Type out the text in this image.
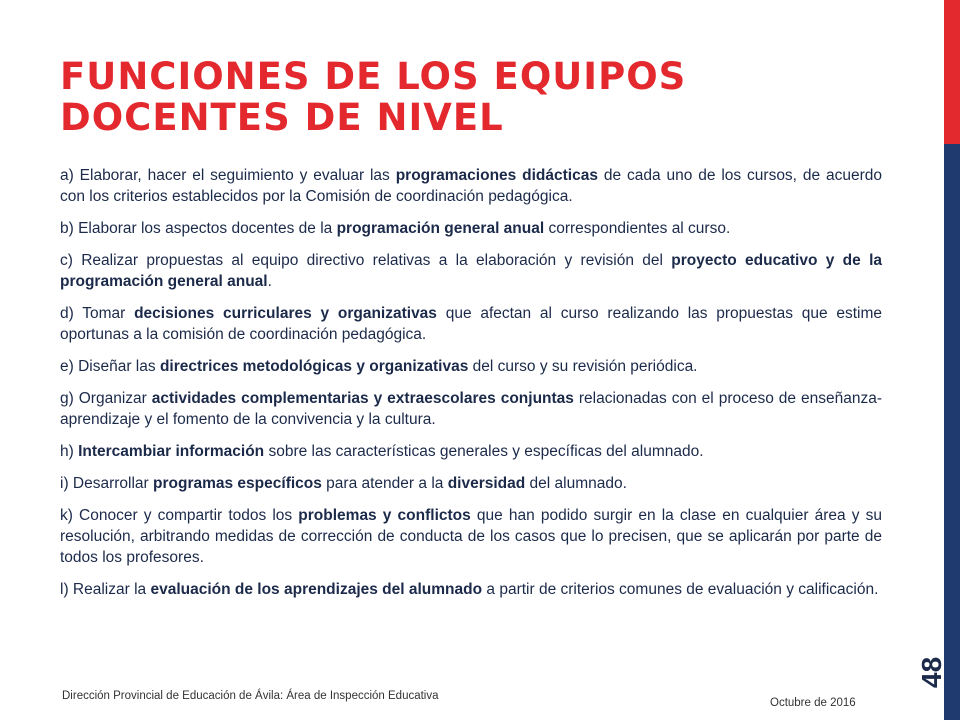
FUNCIONES DE LOS EQUIPOS DOCENTES DE NIVEL

a) Elaborar, hacer el seguimiento y evaluar las programaciones didácticas de cada uno de los cursos, de acuerdo con los criterios establecidos por la Comisión de coordinación pedagógica.

b) Elaborar los aspectos docentes de la programación general anual correspondientes al curso.

c) Realizar propuestas al equipo directivo relativas a la elaboración y revisión del proyecto educativo y de la programación general anual.

d) Tomar decisiones curriculares y organizativas que afectan al curso realizando las propuestas que estime oportunas a la comisión de coordinación pedagógica.

e) Diseñar las directrices metodológicas y organizativas del curso y su revisión periódica.

g) Organizar actividades complementarias y extraescolares conjuntas relacionadas con el proceso de enseñanza-aprendizaje y el fomento de la convivencia y la cultura.

h) Intercambiar información sobre las características generales y específicas del alumnado.

i) Desarrollar programas específicos para atender a la diversidad del alumnado.

k) Conocer y compartir todos los problemas y conflictos que han podido surgir en la clase en cualquier área y su resolución, arbitrando medidas de corrección de conducta de los casos que lo precisen, que se aplicarán por parte de todos los profesores.

l) Realizar la evaluación de los aprendizajes del alumnado a partir de criterios comunes de evaluación y calificación.

Dirección Provincial de Educación de Ávila: Área de Inspección Educativa
Octubre de 2016
48
